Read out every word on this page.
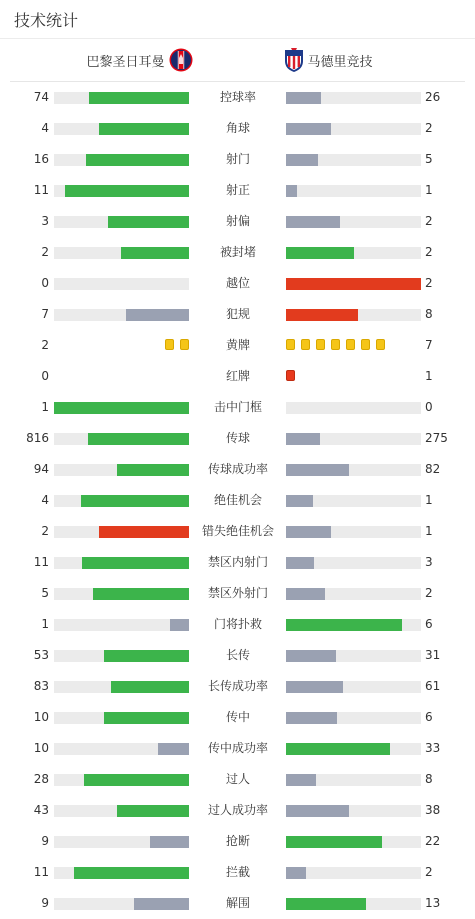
技术统计
巴黎圣日耳曼	马德里竞技
74	控球率	26
4	角球	2
16	射门	5
11	射正	1
3	射偏	2
2	被封堵	2
0	越位	2
7	犯规	8
2	黄牌	7
0	红牌	1
1	击中门框	0
816	传球	275
94	传球成功率	82
4	绝佳机会	1
2	错失绝佳机会	1
11	禁区内射门	3
5	禁区外射门	2
1	门将扑救	6
53	长传	31
83	长传成功率	61
10	传中	6
10	传中成功率	33
28	过人	8
43	过人成功率	38
9	抢断	22
11	拦截	2
9	解围	13
